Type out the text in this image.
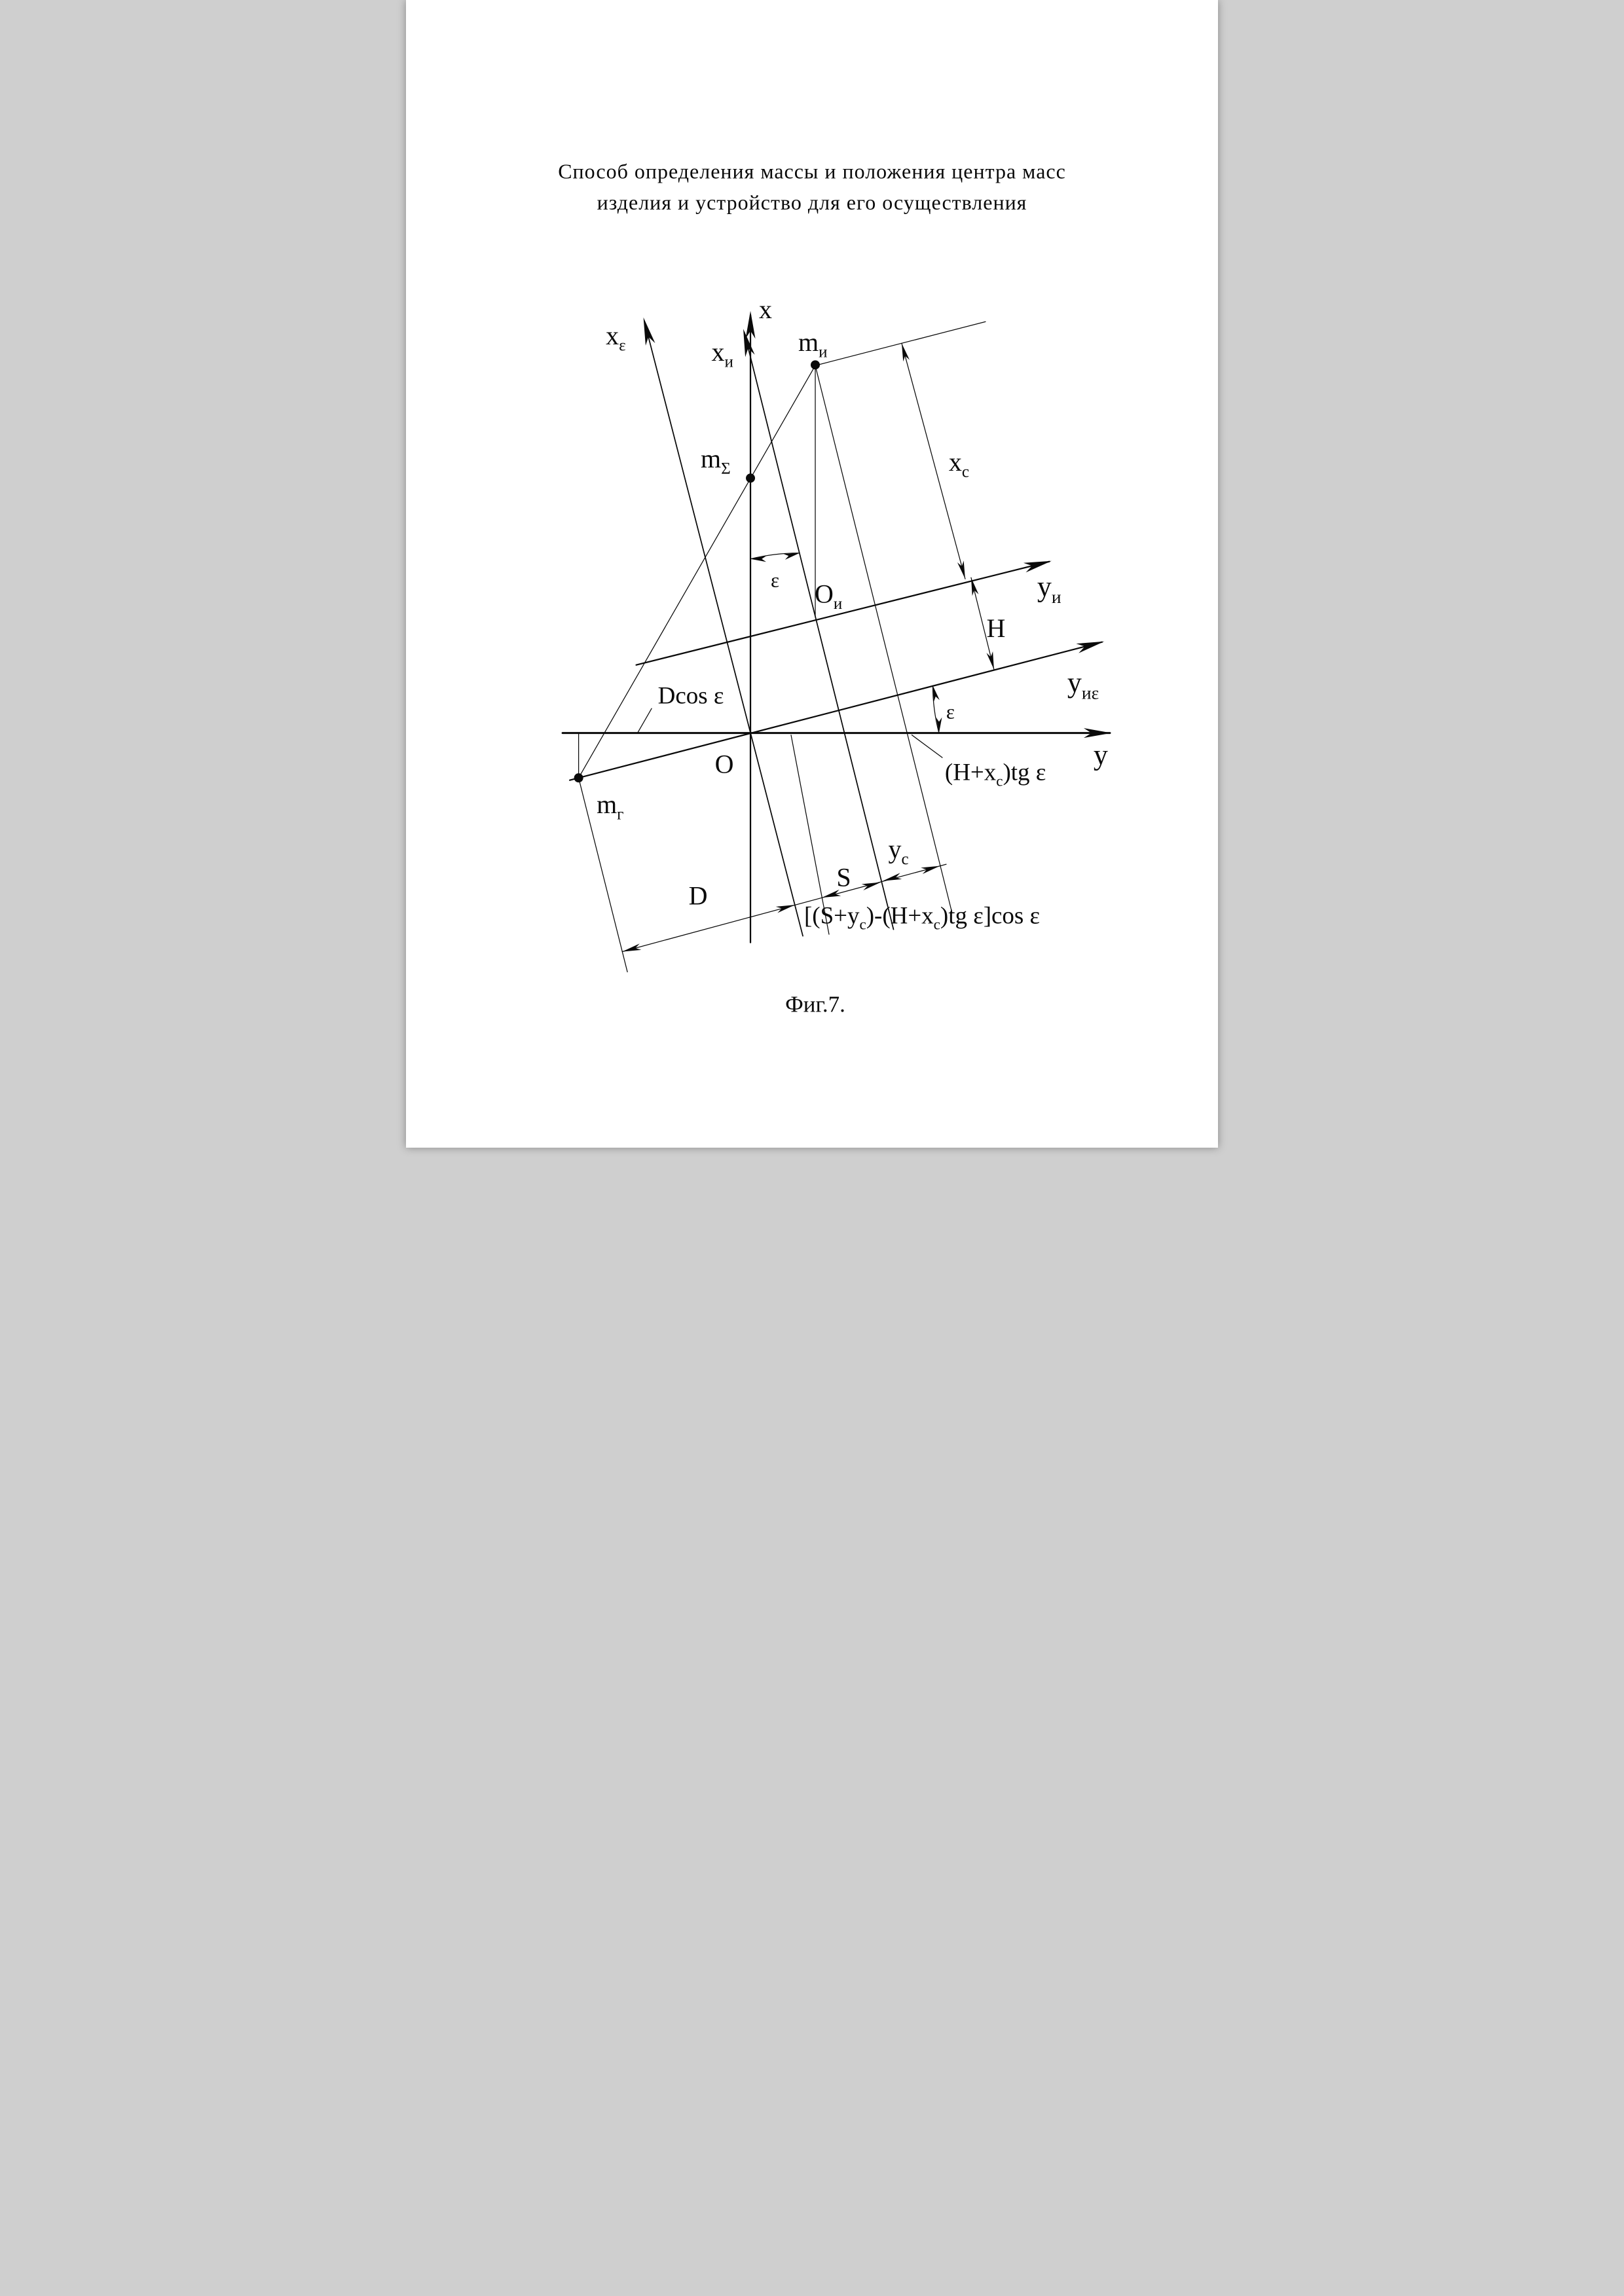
Способ определения массы и положения центра масс
изделия и устройство для его осуществления
x
$x_\varepsilon$ $x_и$
$m_и$
$m_\Sigma$
$m_г$
O
$O_и$
ε
ε
y
$у_и$
$у_{и\varepsilon}$
H
$x_c$
Dcos ε
D
S
$y_c$
$(H+x_c)tg$ ε
[$(S+y_c)-(H+x_c)tg$ ε]cos ε
Фиг.7.
